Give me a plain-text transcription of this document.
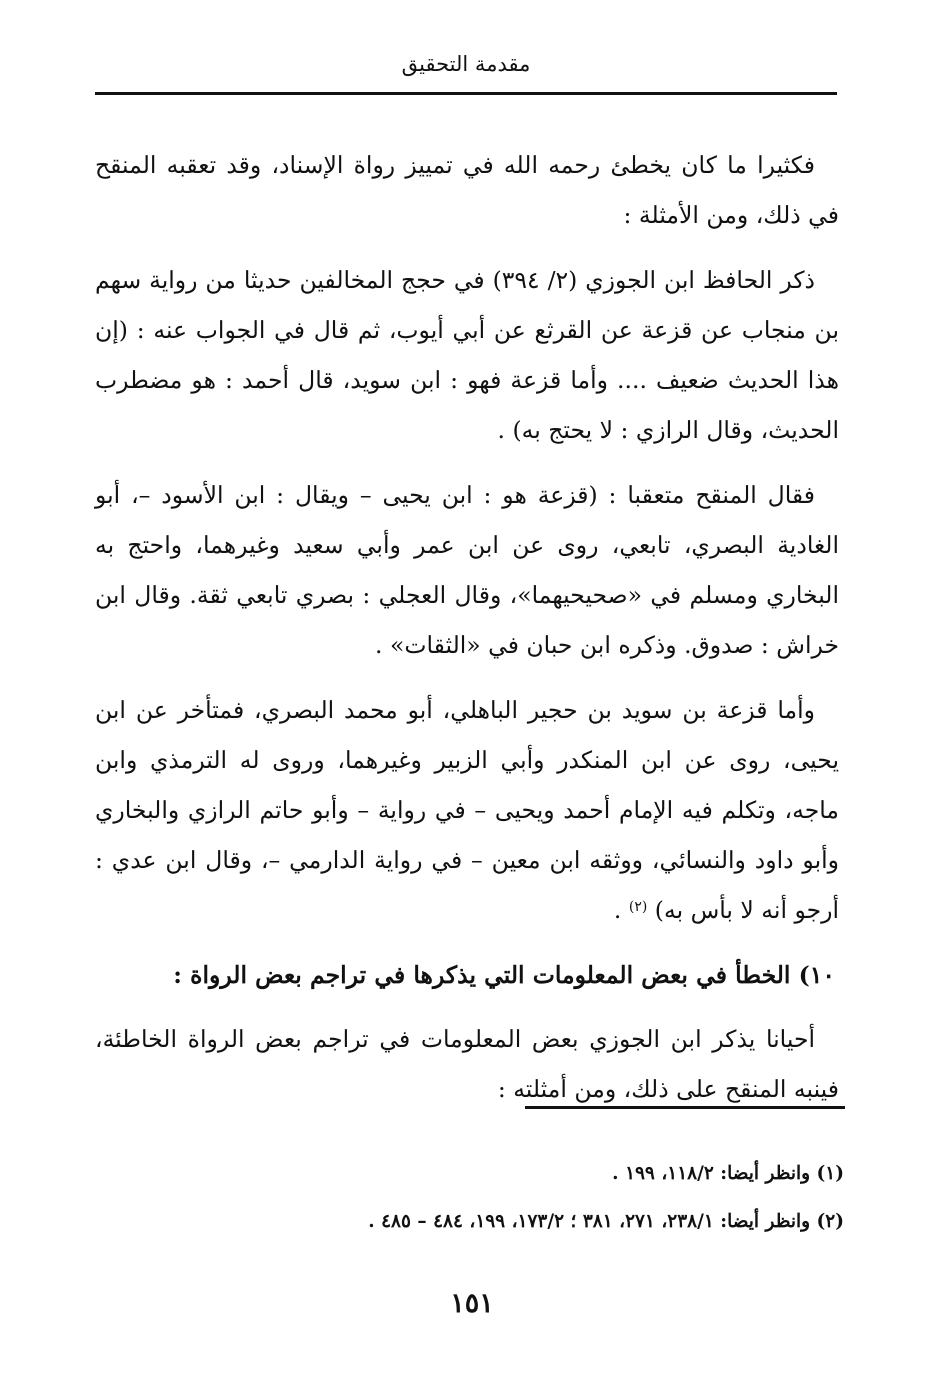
مقدمة التحقيق

فكثيرا ما كان يخطئ رحمه الله في تمييز رواة الإسناد، وقد تعقبه المنقح في ذلك، ومن الأمثلة :

ذكر الحافظ ابن الجوزي (٢/ ٣٩٤) في حجج المخالفين حديثا من رواية سهم بن منجاب عن قزعة عن القرثع عن أبي أيوب، ثم قال في الجواب عنه : (إن هذا الحديث ضعيف .... وأما قزعة فهو : ابن سويد، قال أحمد : هو مضطرب الحديث، وقال الرازي : لا يحتج به) .

فقال المنقح متعقبا : (قزعة هو : ابن يحيى – ويقال : ابن الأسود –، أبو الغادية البصري، تابعي، روى عن ابن عمر وأبي سعيد وغيرهما، واحتج به البخاري ومسلم في «صحيحيهما»، وقال العجلي : بصري تابعي ثقة. وقال ابن خراش : صدوق. وذكره ابن حبان في «الثقات» .

وأما قزعة بن سويد بن حجير الباهلي، أبو محمد البصري، فمتأخر عن ابن يحيى، روى عن ابن المنكدر وأبي الزبير وغيرهما، وروى له الترمذي وابن ماجه، وتكلم فيه الإمام أحمد ويحيى – في رواية – وأبو حاتم الرازي والبخاري وأبو داود والنسائي، ووثقه ابن معين – في رواية الدارمي –، وقال ابن عدي : أرجو أنه لا بأس به) $^{(٢)}$ .

١٠) الخطأ في بعض المعلومات التي يذكرها في تراجم بعض الرواة :

أحيانا يذكر ابن الجوزي بعض المعلومات في تراجم بعض الرواة الخاطئة، فينبه المنقح على ذلك، ومن أمثلته :

(١) وانظر أيضا: ١١٨/٢، ١٩٩ .
(٢) وانظر أيضا: ٢٣٨/١، ٢٧١، ٣٨١ ؛ ١٧٣/٢، ١٩٩، ٤٨٤ – ٤٨٥ .
١٥١
